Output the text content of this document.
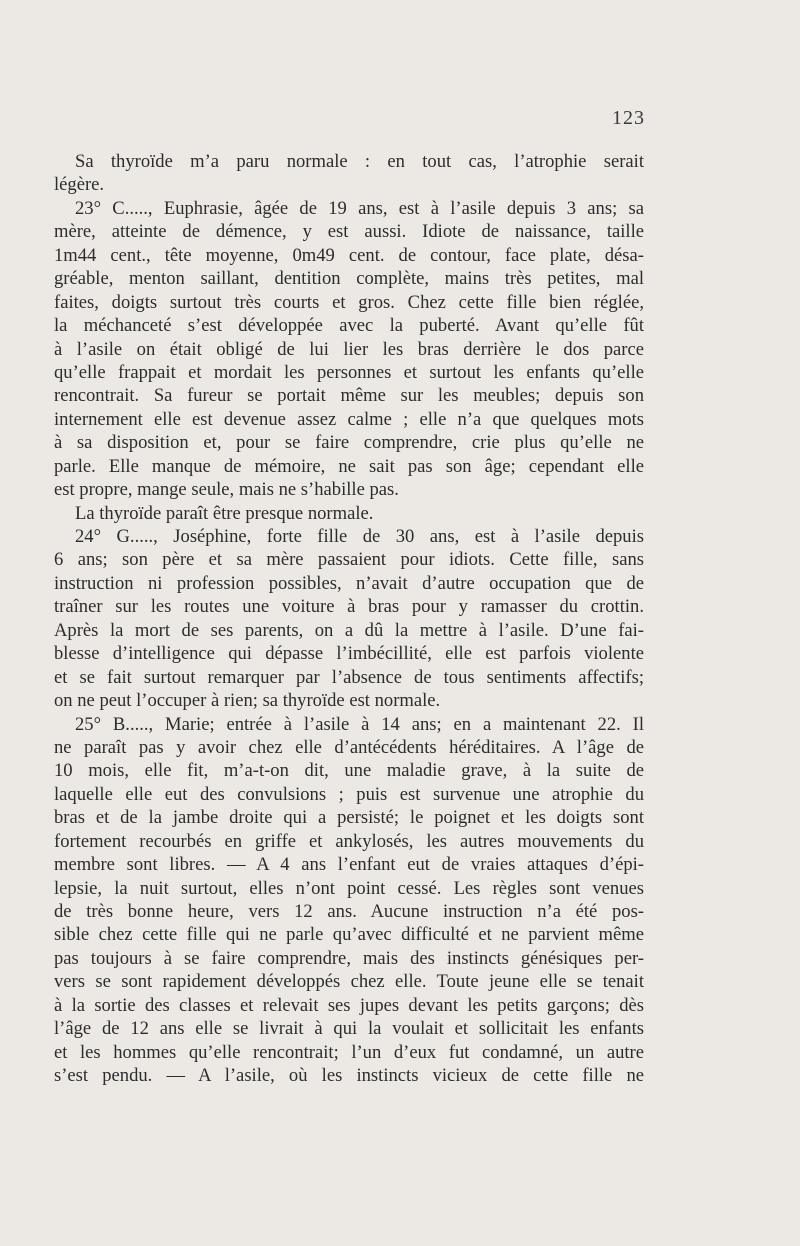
123
Sa thyroïde m’a paru normale : en tout cas, l’atrophie serait
légère.
23° C....., Euphrasie, âgée de 19 ans, est à l’asile depuis 3 ans; sa
mère, atteinte de démence, y est aussi. Idiote de naissance, taille
1m44 cent., tête moyenne, 0m49 cent. de contour, face plate, désa-
gréable, menton saillant, dentition complète, mains très petites, mal
faites, doigts surtout très courts et gros. Chez cette fille bien réglée,
la méchanceté s’est développée avec la puberté. Avant qu’elle fût
à l’asile on était obligé de lui lier les bras derrière le dos parce
qu’elle frappait et mordait les personnes et surtout les enfants qu’elle
rencontrait. Sa fureur se portait même sur les meubles; depuis son
internement elle est devenue assez calme ; elle n’a que quelques mots
à sa disposition et, pour se faire comprendre, crie plus qu’elle ne
parle. Elle manque de mémoire, ne sait pas son âge; cependant elle
est propre, mange seule, mais ne s’habille pas.
La thyroïde paraît être presque normale.
24° G....., Joséphine, forte fille de 30 ans, est à l’asile depuis
6 ans; son père et sa mère passaient pour idiots. Cette fille, sans
instruction ni profession possibles, n’avait d’autre occupation que de
traîner sur les routes une voiture à bras pour y ramasser du crottin.
Après la mort de ses parents, on a dû la mettre à l’asile. D’une fai-
blesse d’intelligence qui dépasse l’imbécillité, elle est parfois violente
et se fait surtout remarquer par l’absence de tous sentiments affectifs;
on ne peut l’occuper à rien; sa thyroïde est normale.
25° B....., Marie; entrée à l’asile à 14 ans; en a maintenant 22. Il
ne paraît pas y avoir chez elle d’antécédents héréditaires. A l’âge de
10 mois, elle fit, m’a-t-on dit, une maladie grave, à la suite de
laquelle elle eut des convulsions ; puis est survenue une atrophie du
bras et de la jambe droite qui a persisté; le poignet et les doigts sont
fortement recourbés en griffe et ankylosés, les autres mouvements du
membre sont libres. — A 4 ans l’enfant eut de vraies attaques d’épi-
lepsie, la nuit surtout, elles n’ont point cessé. Les règles sont venues
de très bonne heure, vers 12 ans. Aucune instruction n’a été pos-
sible chez cette fille qui ne parle qu’avec difficulté et ne parvient même
pas toujours à se faire comprendre, mais des instincts génésiques per-
vers se sont rapidement développés chez elle. Toute jeune elle se tenait
à la sortie des classes et relevait ses jupes devant les petits garçons; dès
l’âge de 12 ans elle se livrait à qui la voulait et sollicitait les enfants
et les hommes qu’elle rencontrait; l’un d’eux fut condamné, un autre
s’est pendu. — A l’asile, où les instincts vicieux de cette fille ne
